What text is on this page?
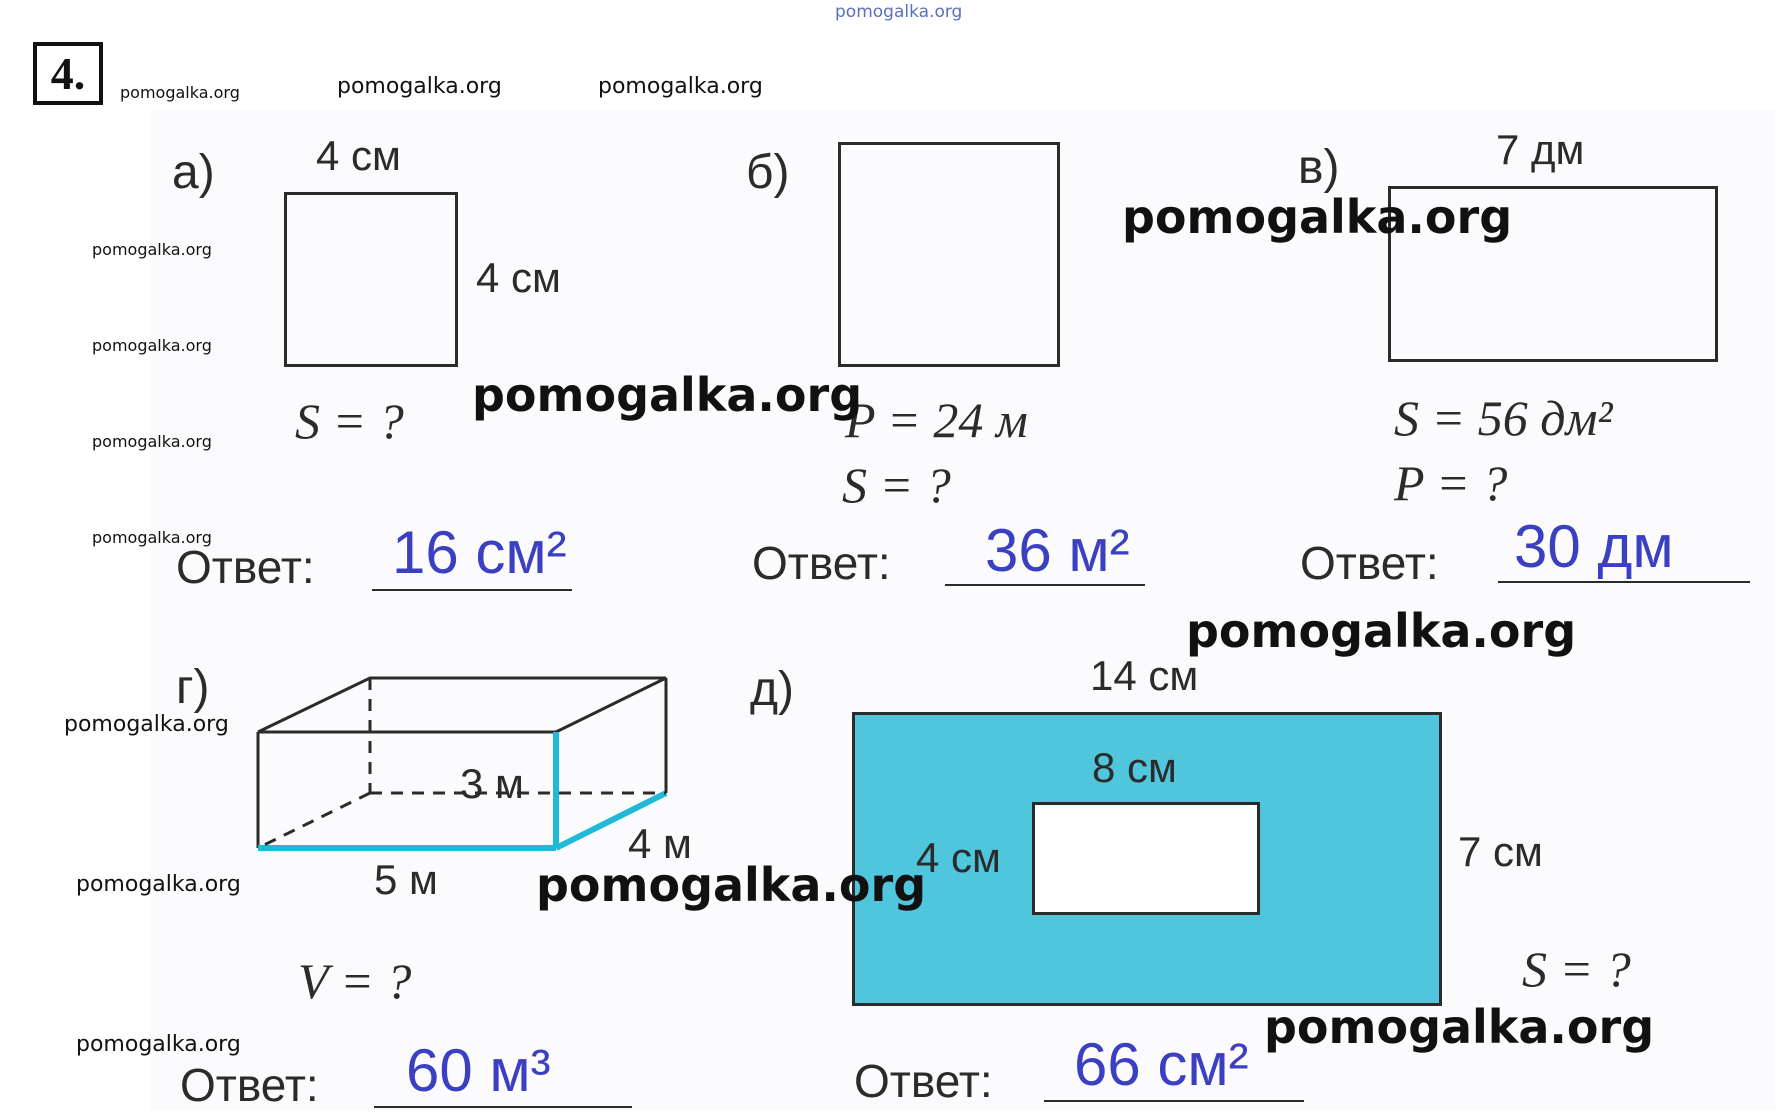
pomogalka.org
4.	pomogalka.org	pomogalka.org	pomogalka.org
pomogalka.org
pomogalka.org
pomogalka.org
pomogalka.org
pomogalka.org
pomogalka.org
pomogalka.org
а) 4 см
4 см
S = ?
Ответ: 16 см²
б)
P = 24 м
S = ?
Ответ: 36 м²
в)	7 дм
S = 56 дм²
P = ?
Ответ: 30 дм
г)
3 м
4 м
5 м
V = ?
Ответ: 60 м³
д)	14 см
8 см
4 см	7 см
S = ?
Ответ: 66 см²
pomogalka.org
pomogalka.org
pomogalka.org
pomogalka.org
pomogalka.org
